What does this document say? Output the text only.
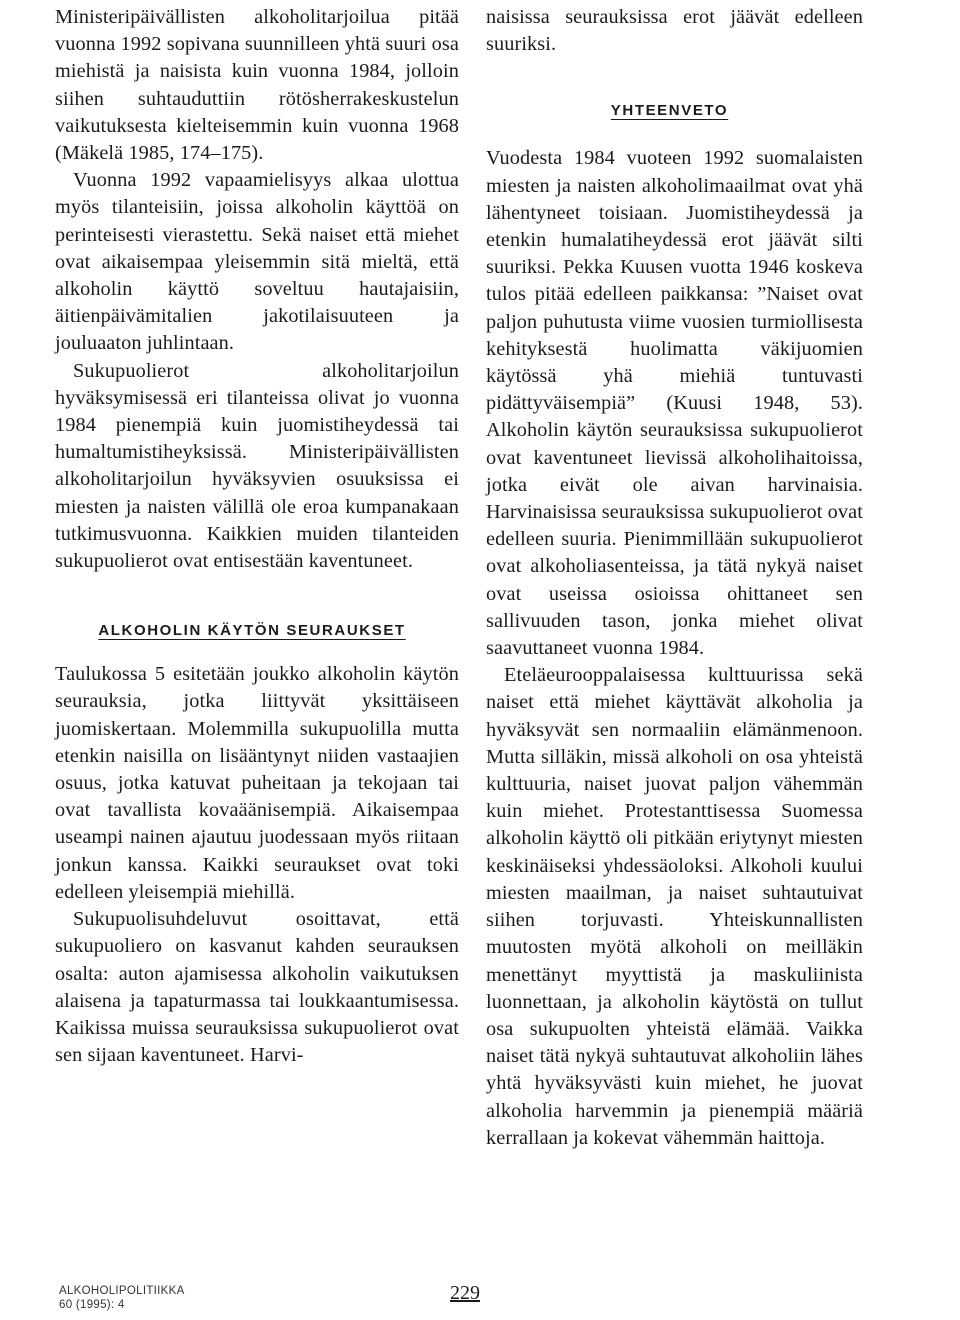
Ministeripäivällisten alkoholitarjoilua pitää vuonna 1992 sopivana suunnilleen yhtä suuri osa miehistä ja naisista kuin vuonna 1984, jolloin siihen suhtauduttiin rötösherrakeskustelun vaikutuksesta kielteisemmin kuin vuonna 1968 (Mäkelä 1985, 174–175).

Vuonna 1992 vapaamielisyys alkaa ulottua myös tilanteisiin, joissa alkoholin käyttöä on perinteisesti vierastettu. Sekä naiset että miehet ovat aikaisempaa yleisemmin sitä mieltä, että alkoholin käyttö soveltuu hautajaisiin, äitienpäivämitalien jakotilaisuuteen ja jouluaaton juhlintaan.

Sukupuolierot alkoholitarjoilun hyväksymisessä eri tilanteissa olivat jo vuonna 1984 pienempiä kuin juomistiheydessä tai humaltumistiheyksissä. Ministeripäivällisten alkoholitarjoilun hyväksyvien osuuksissa ei miesten ja naisten välillä ole eroa kumpanakaan tutkimusvuonna. Kaikkien muiden tilanteiden sukupuolierot ovat entisestään kaventuneet.

ALKOHOLIN KÄYTÖN SEURAUKSET

Taulukossa 5 esitetään joukko alkoholin käytön seurauksia, jotka liittyvät yksittäiseen juomiskertaan. Molemmilla sukupuolilla mutta etenkin naisilla on lisääntynyt niiden vastaajien osuus, jotka katuvat puheitaan ja tekojaan tai ovat tavallista kovaäänisempiä. Aikaisempaa useampi nainen ajautuu juodessaan myös riitaan jonkun kanssa. Kaikki seuraukset ovat toki edelleen yleisempiä miehillä.

Sukupuolisuhdeluvut osoittavat, että sukupuoliero on kasvanut kahden seurauksen osalta: auton ajamisessa alkoholin vaikutuksen alaisena ja tapaturmassa tai loukkaantumisessa. Kaikissa muissa seurauksissa sukupuolierot ovat sen sijaan kaventuneet. Harvi-

naisissa seurauksissa erot jäävät edelleen suuriksi.

YHTEENVETO

Vuodesta 1984 vuoteen 1992 suomalaisten miesten ja naisten alkoholimaailmat ovat yhä lähentyneet toisiaan. Juomistiheydessä ja etenkin humalatiheydessä erot jäävät silti suuriksi. Pekka Kuusen vuotta 1946 koskeva tulos pitää edelleen paikkansa: ”Naiset ovat paljon puhutusta viime vuosien turmiollisesta kehityksestä huolimatta väkijuomien käytössä yhä miehiä tuntuvasti pidättyväisempiä” (Kuusi 1948, 53). Alkoholin käytön seurauksissa sukupuolierot ovat kaventuneet lievissä alkoholihaitoissa, jotka eivät ole aivan harvinaisia. Harvinaisissa seurauksissa sukupuolierot ovat edelleen suuria. Pienimmillään sukupuolierot ovat alkoholiasenteissa, ja tätä nykyä naiset ovat useissa osioissa ohittaneet sen sallivuuden tason, jonka miehet olivat saavuttaneet vuonna 1984.

Eteläeurooppalaisessa kulttuurissa sekä naiset että miehet käyttävät alkoholia ja hyväksyvät sen normaaliin elämänmenoon. Mutta silläkin, missä alkoholi on osa yhteistä kulttuuria, naiset juovat paljon vähemmän kuin miehet. Protestanttisessa Suomessa alkoholin käyttö oli pitkään eriytynyt miesten keskinäiseksi yhdessäoloksi. Alkoholi kuului miesten maailman, ja naiset suhtautuivat siihen torjuvasti. Yhteiskunnallisten muutosten myötä alkoholi on meilläkin menettänyt myyttistä ja maskuliinista luonnettaan, ja alkoholin käytöstä on tullut osa sukupuolten yhteistä elämää. Vaikka naiset tätä nykyä suhtautuvat alkoholiin lähes yhtä hyväksyvästi kuin miehet, he juovat alkoholia harvemmin ja pienempiä määriä kerrallaan ja kokevat vähemmän haittoja.

ALKOHOLIPOLITIIKKA
60 (1995): 4
229
